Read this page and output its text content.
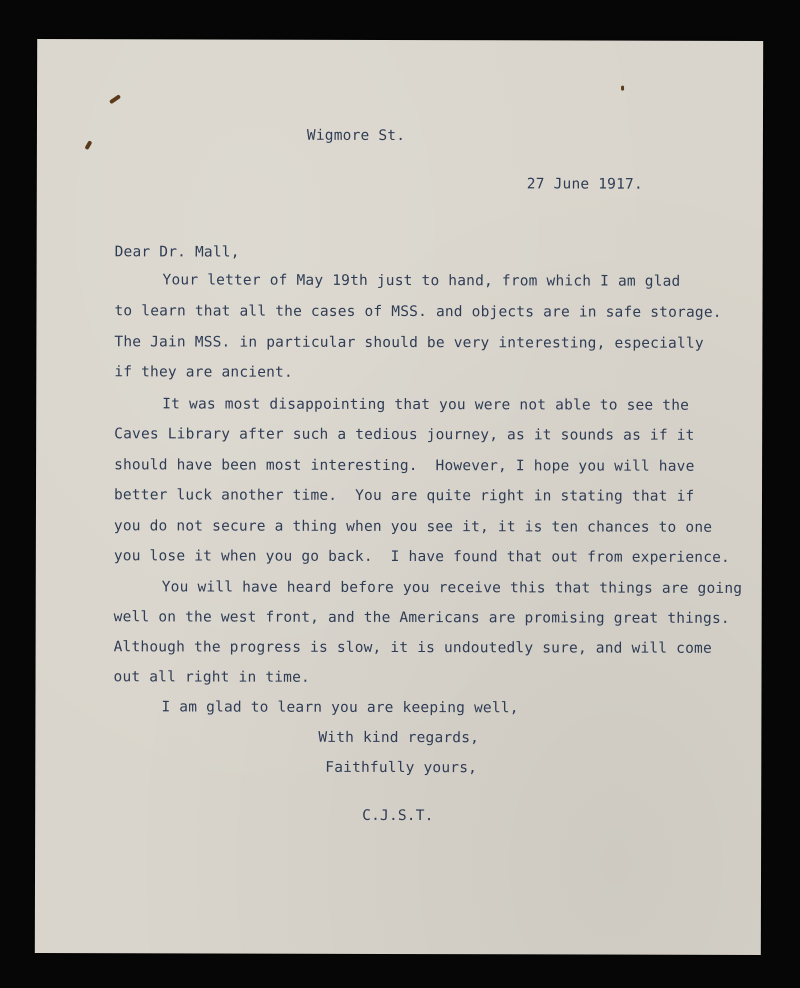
Wigmore St.

27 June 1917.

Dear Dr. Mall,

Your letter of May 19th just to hand, from which I am glad

to learn that all the cases of MSS. and objects are in safe storage.

The Jain MSS. in particular should be very interesting, especially

if they are ancient.

It was most disappointing that you were not able to see the

Caves Library after such a tedious journey, as it sounds as if it

should have been most interesting.  However, I hope you will have

better luck another time.  You are quite right in stating that if

you do not secure a thing when you see it, it is ten chances to one

you lose it when you go back.  I have found that out from experience.

You will have heard before you receive this that things are going

well on the west front, and the Americans are promising great things.

Although the progress is slow, it is undoutedly sure, and will come

out all right in time.

I am glad to learn you are keeping well,

With kind regards,

Faithfully yours,

C.J.S.T.
